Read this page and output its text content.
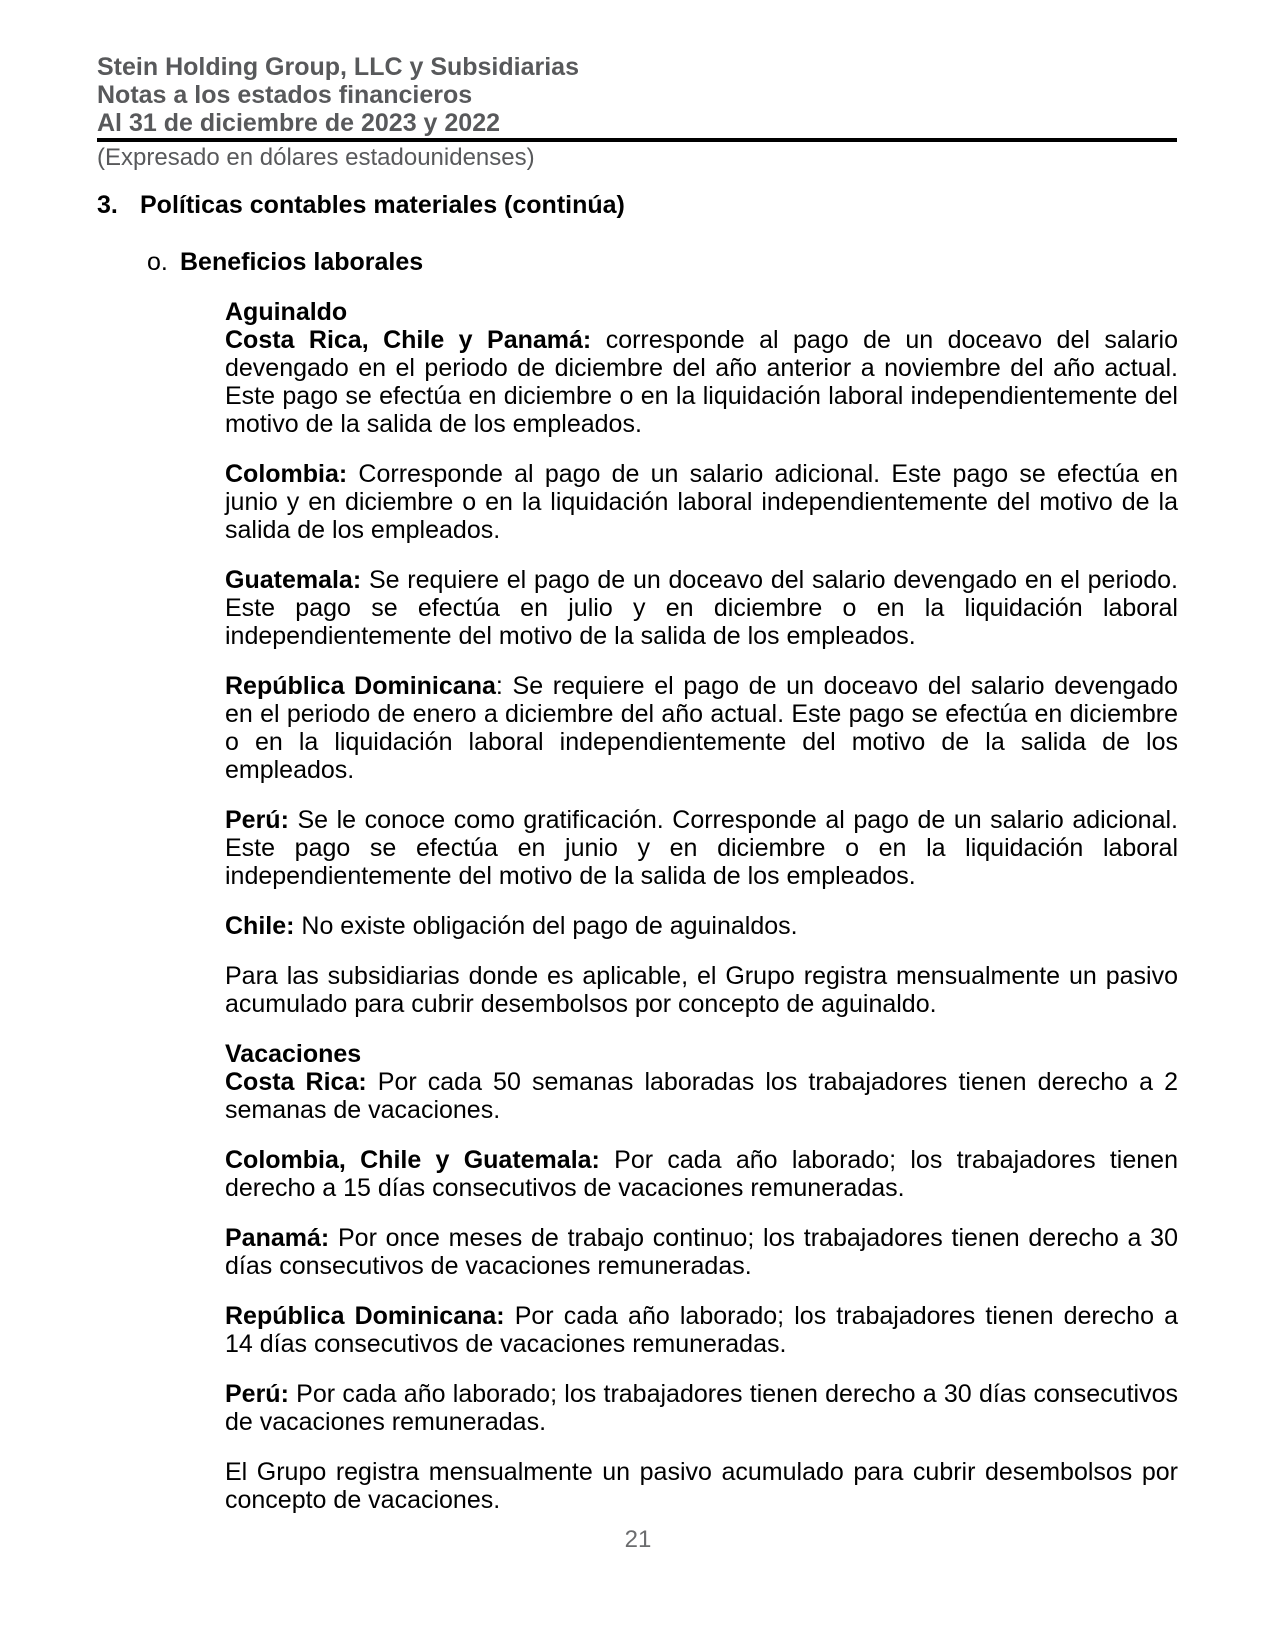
Stein Holding Group, LLC y Subsidiarias
Notas a los estados financieros
Al 31 de diciembre de 2023 y 2022
(Expresado en dólares estadounidenses)
3. Políticas contables materiales (continúa)
o. Beneficios laborales
Aguinaldo

Costa Rica, Chile y Panamá: corresponde al pago de un doceavo del salario devengado en el periodo de diciembre del año anterior a noviembre del año actual. Este pago se efectúa en diciembre o en la liquidación laboral independientemente del motivo de la salida de los empleados.

Colombia: Corresponde al pago de un salario adicional. Este pago se efectúa en junio y en diciembre o en la liquidación laboral independientemente del motivo de la salida de los empleados.

Guatemala: Se requiere el pago de un doceavo del salario devengado en el periodo. Este pago se efectúa en julio y en diciembre o en la liquidación laboral independientemente del motivo de la salida de los empleados.

República Dominicana: Se requiere el pago de un doceavo del salario devengado en el periodo de enero a diciembre del año actual. Este pago se efectúa en diciembre o en la liquidación laboral independientemente del motivo de la salida de los empleados.

Perú: Se le conoce como gratificación. Corresponde al pago de un salario adicional. Este pago se efectúa en junio y en diciembre o en la liquidación laboral independientemente del motivo de la salida de los empleados.

Chile: No existe obligación del pago de aguinaldos.

Para las subsidiarias donde es aplicable, el Grupo registra mensualmente un pasivo acumulado para cubrir desembolsos por concepto de aguinaldo.

Vacaciones

Costa Rica: Por cada 50 semanas laboradas los trabajadores tienen derecho a 2 semanas de vacaciones.

Colombia, Chile y Guatemala: Por cada año laborado; los trabajadores tienen derecho a 15 días consecutivos de vacaciones remuneradas.

Panamá: Por once meses de trabajo continuo; los trabajadores tienen derecho a 30 días consecutivos de vacaciones remuneradas.

República Dominicana: Por cada año laborado; los trabajadores tienen derecho a 14 días consecutivos de vacaciones remuneradas.

Perú: Por cada año laborado; los trabajadores tienen derecho a 30 días consecutivos de vacaciones remuneradas.

El Grupo registra mensualmente un pasivo acumulado para cubrir desembolsos por concepto de vacaciones.

21
